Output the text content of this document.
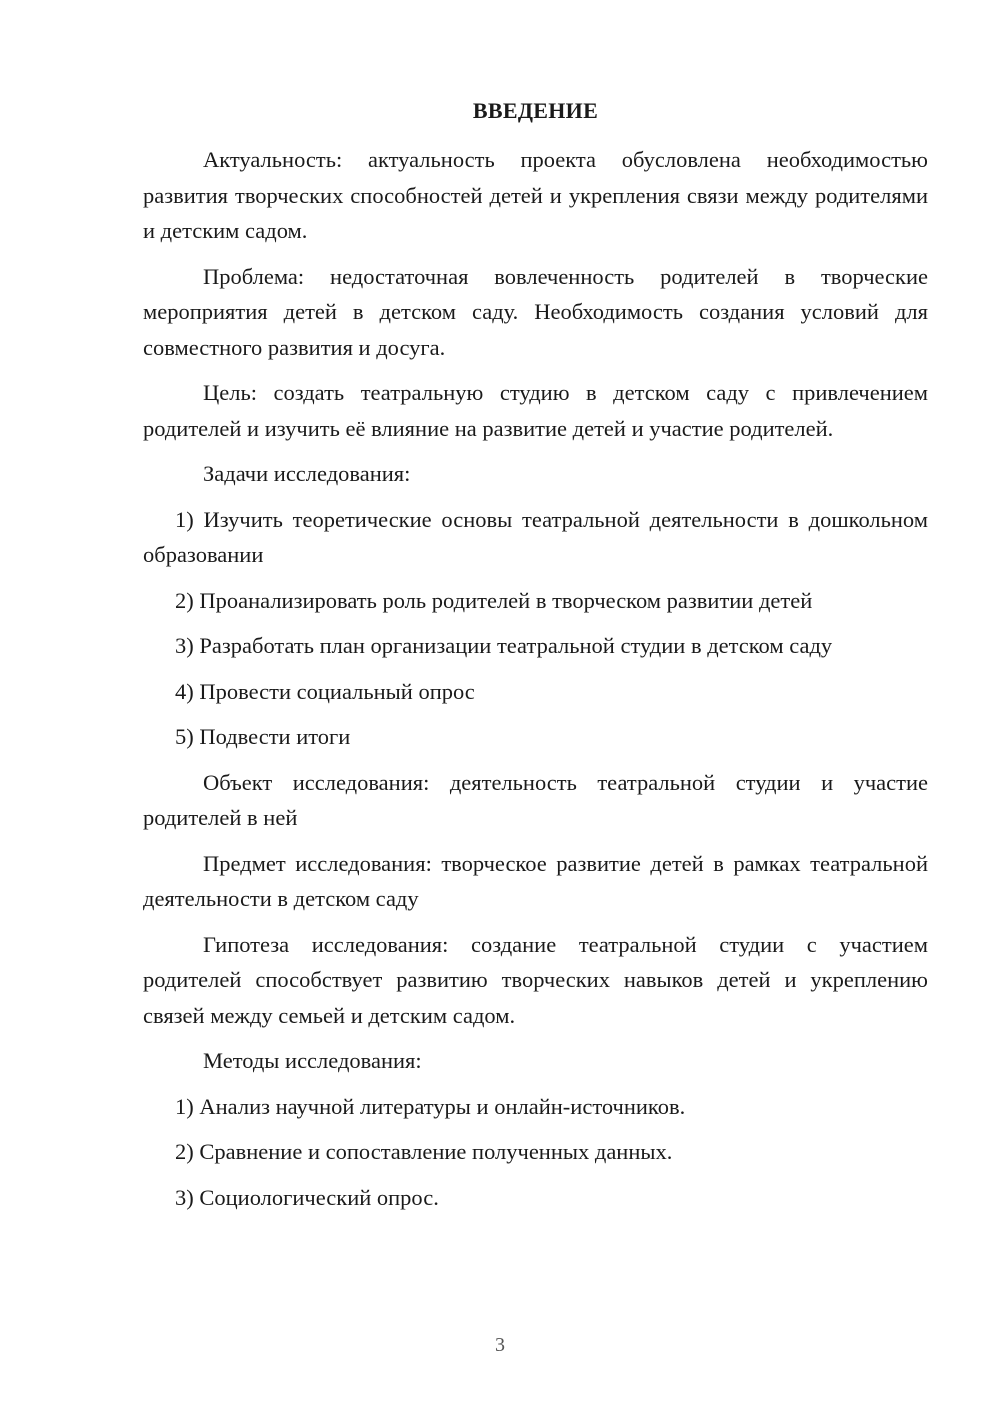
ВВЕДЕНИЕ

Актуальность: актуальность проекта обусловлена необходимостью развития творческих способностей детей и укрепления связи между родителями и детским садом.

Проблема: недостаточная вовлеченность родителей в творческие мероприятия детей в детском саду. Необходимость создания условий для совместного развития и досуга.

Цель: создать театральную студию в детском саду с привлечением родителей и изучить её влияние на развитие детей и участие родителей.

Задачи исследования:

1) Изучить теоретические основы театральной деятельности в дошкольном образовании

2) Проанализировать роль родителей в творческом развитии детей

3) Разработать план организации театральной студии в детском саду

4) Провести социальный опрос

5) Подвести итоги

Объект исследования: деятельность театральной студии и участие родителей в ней

Предмет исследования: творческое развитие детей в рамках театральной деятельности в детском саду

Гипотеза исследования: создание театральной студии с участием родителей способствует развитию творческих навыков детей и укреплению связей между семьей и детским садом.

Методы исследования:

1) Анализ научной литературы и онлайн-источников.

2) Сравнение и сопоставление полученных данных.

3) Социологический опрос.

3
